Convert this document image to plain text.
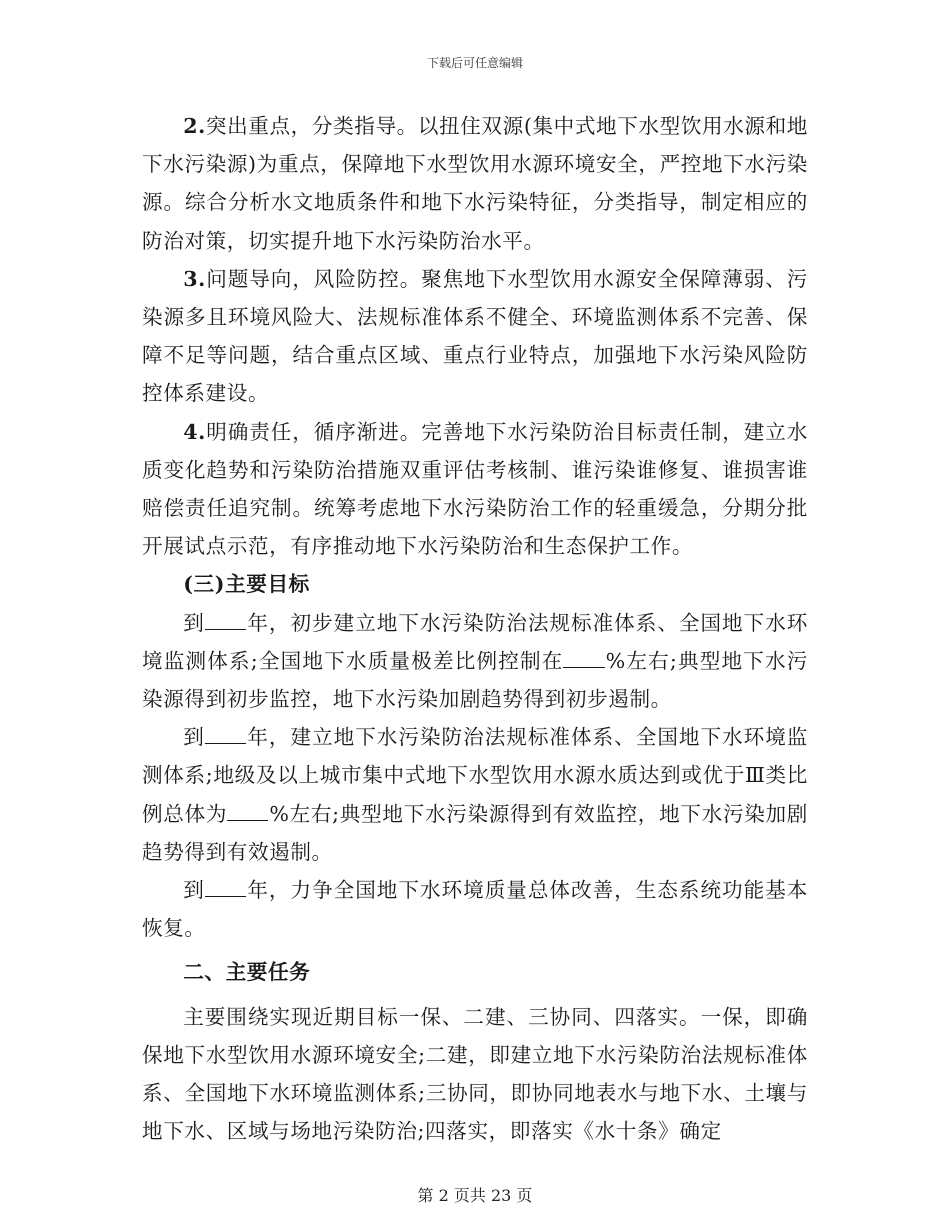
下载后可任意编辑

2.突出重点，分类指导。以扭住双源(集中式地下水型饮用水源和地下水污染源)为重点，保障地下水型饮用水源环境安全，严控地下水污染源。综合分析水文地质条件和地下水污染特征，分类指导，制定相应的防治对策，切实提升地下水污染防治水平。

3.问题导向，风险防控。聚焦地下水型饮用水源安全保障薄弱、污染源多且环境风险大、法规标准体系不健全、环境监测体系不完善、保障不足等问题，结合重点区域、重点行业特点，加强地下水污染风险防控体系建设。

4.明确责任，循序渐进。完善地下水污染防治目标责任制，建立水质变化趋势和污染防治措施双重评估考核制、谁污染谁修复、谁损害谁赔偿责任追究制。统筹考虑地下水污染防治工作的轻重缓急，分期分批开展试点示范，有序推动地下水污染防治和生态保护工作。

(三)主要目标

到 年，初步建立地下水污染防治法规标准体系、全国地下水环境监测体系;全国地下水质量极差比例控制在 %左右;典型地下水污染源得到初步监控，地下水污染加剧趋势得到初步遏制。

到 年，建立地下水污染防治法规标准体系、全国地下水环境监测体系;地级及以上城市集中式地下水型饮用水源水质达到或优于Ⅲ类比例总体为 %左右;典型地下水污染源得到有效监控，地下水污染加剧趋势得到有效遏制。

到 年，力争全国地下水环境质量总体改善，生态系统功能基本恢复。

二、主要任务

主要围绕实现近期目标一保、二建、三协同、四落实。一保，即确保地下水型饮用水源环境安全;二建，即建立地下水污染防治法规标准体系、全国地下水环境监测体系;三协同，即协同地表水与地下水、土壤与地下水、区域与场地污染防治;四落实，即落实《水十条》确定

第 2 页共 23 页
